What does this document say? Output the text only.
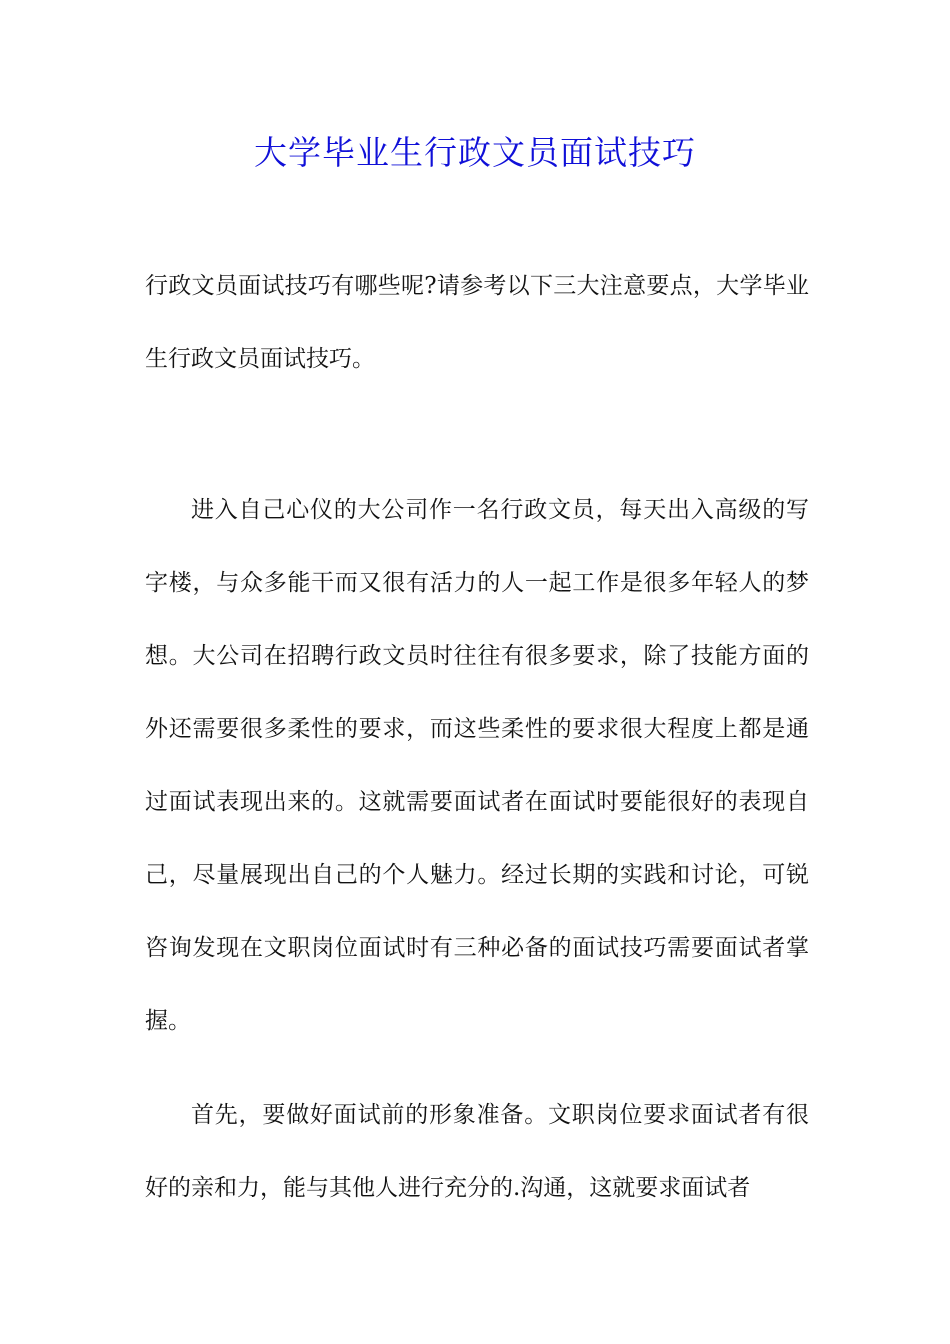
大学毕业生行政文员面试技巧

行政文员面试技巧有哪些呢?请参考以下三大注意要点，大学毕业生行政文员面试技巧。

进入自己心仪的大公司作一名行政文员，每天出入高级的写字楼，与众多能干而又很有活力的人一起工作是很多年轻人的梦想。大公司在招聘行政文员时往往有很多要求，除了技能方面的外还需要很多柔性的要求，而这些柔性的要求很大程度上都是通过面试表现出来的。这就需要面试者在面试时要能很好的表现自己，尽量展现出自己的个人魅力。经过长期的实践和讨论，可锐咨询发现在文职岗位面试时有三种必备的面试技巧需要面试者掌握。

首先，要做好面试前的形象准备。文职岗位要求面试者有很好的亲和力，能与其他人进行充分的.沟通，这就要求面试者
